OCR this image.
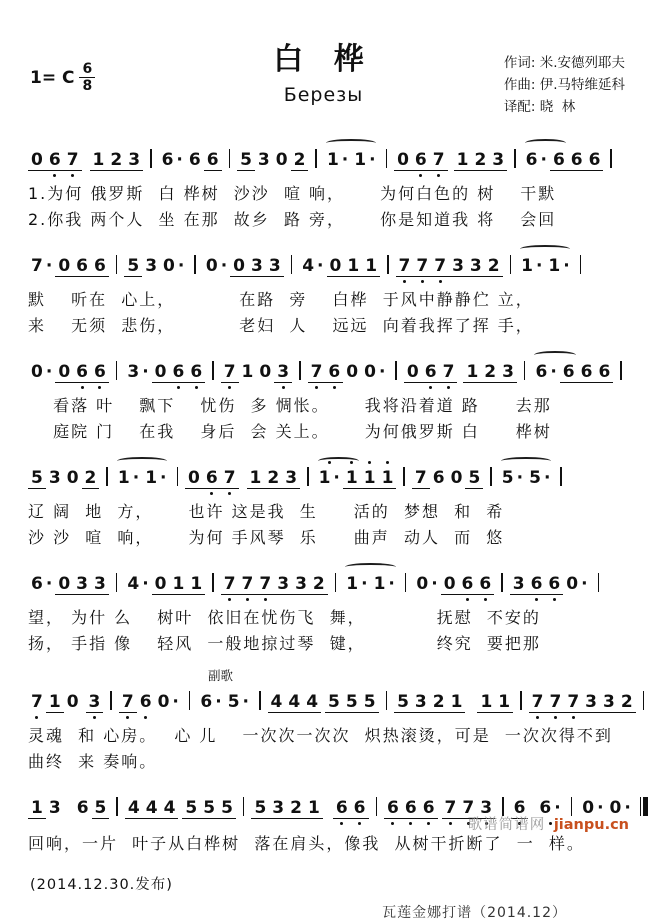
1= C $\frac{6}{8}$
白 桦
Березы
作词: 米.安德列耶夫
作曲: 伊.马特维延科
译配: 晓  林
0 6 7 1 2 3 6 · 6 6 5 3 0 2 1 · 1 · 0 6 7 1 2 3 6 · 6 6 6
1.为何 俄罗斯  白 桦树  沙沙  喧 响，　　 为何白色的 树　 干默
2.你我 两个人  坐 在那  故乡  路 旁，　　 你是知道我 将　 会回
7 · 0 6 6 5 3 0 · 0 · 0 3 3 4 · 0 1 1 7 7 7 3 3 2 1 · 1 ·
默　 听在  心上，　　　　在路  旁　 白桦  于风中静静伫 立，
来　 无须  悲伤，　　　　老妇  人　 远远  向着我挥了挥 手，
0 · 0 6 6 3 · 0 6 6 7 1 0 3 7 6 0 0 · 0 6 7 1 2 3 6 · 6 6 6
　 看落 叶　 飘下　 忧伤  多 惆怅。　　 我将沿着道 路　　去那
　 庭院 门　 在我　 身后  会 关上。　　 为何俄罗斯 白　　桦树
5 3 0 2 1 · 1 · 0 6 7 1 2 3 1 · 1 1 1 7 6 0 5 5 · 5 ·
辽 阔  地  方，　　 也许 这是我  生　　活的  梦想  和  希
沙 沙  喧  响，　　 为何 手风琴  乐　　曲声  动人  而  悠
6 · 0 3 3 4 · 0 1 1 7 7 7 3 3 2 1 · 1 · 0 · 0 6 6 3 6 6 0 ·
望， 为什 么　 树叶  依旧在忧伤飞  舞，　　　　 抚慰  不安的
扬， 手指 像　 轻风  一般地掠过琴  键，　　　　 终究  要把那
副歌
7 1 0 3 7 6 0 · 6 · 5 · 4 4 4 5 5 5 5 3 2 1 1 1 7 7 7 3 3 2
灵魂  和 心房。　 心 儿　 一次次一次次  炽热滚烫，可是  一次次得不到
曲终  来 奏响。
1 3 6 5 4 4 4 5 5 5 5 3 2 1 6 6 6 6 6 7 7 3 6 6 · 0 · 0 ·
回响，一片  叶子从白桦树  落在肩头，像我  从树干折断了  一  样。
(2014.12.30.发布)
瓦莲金娜打谱（2014.12）
歌谱简谱网 jianpu.cn
